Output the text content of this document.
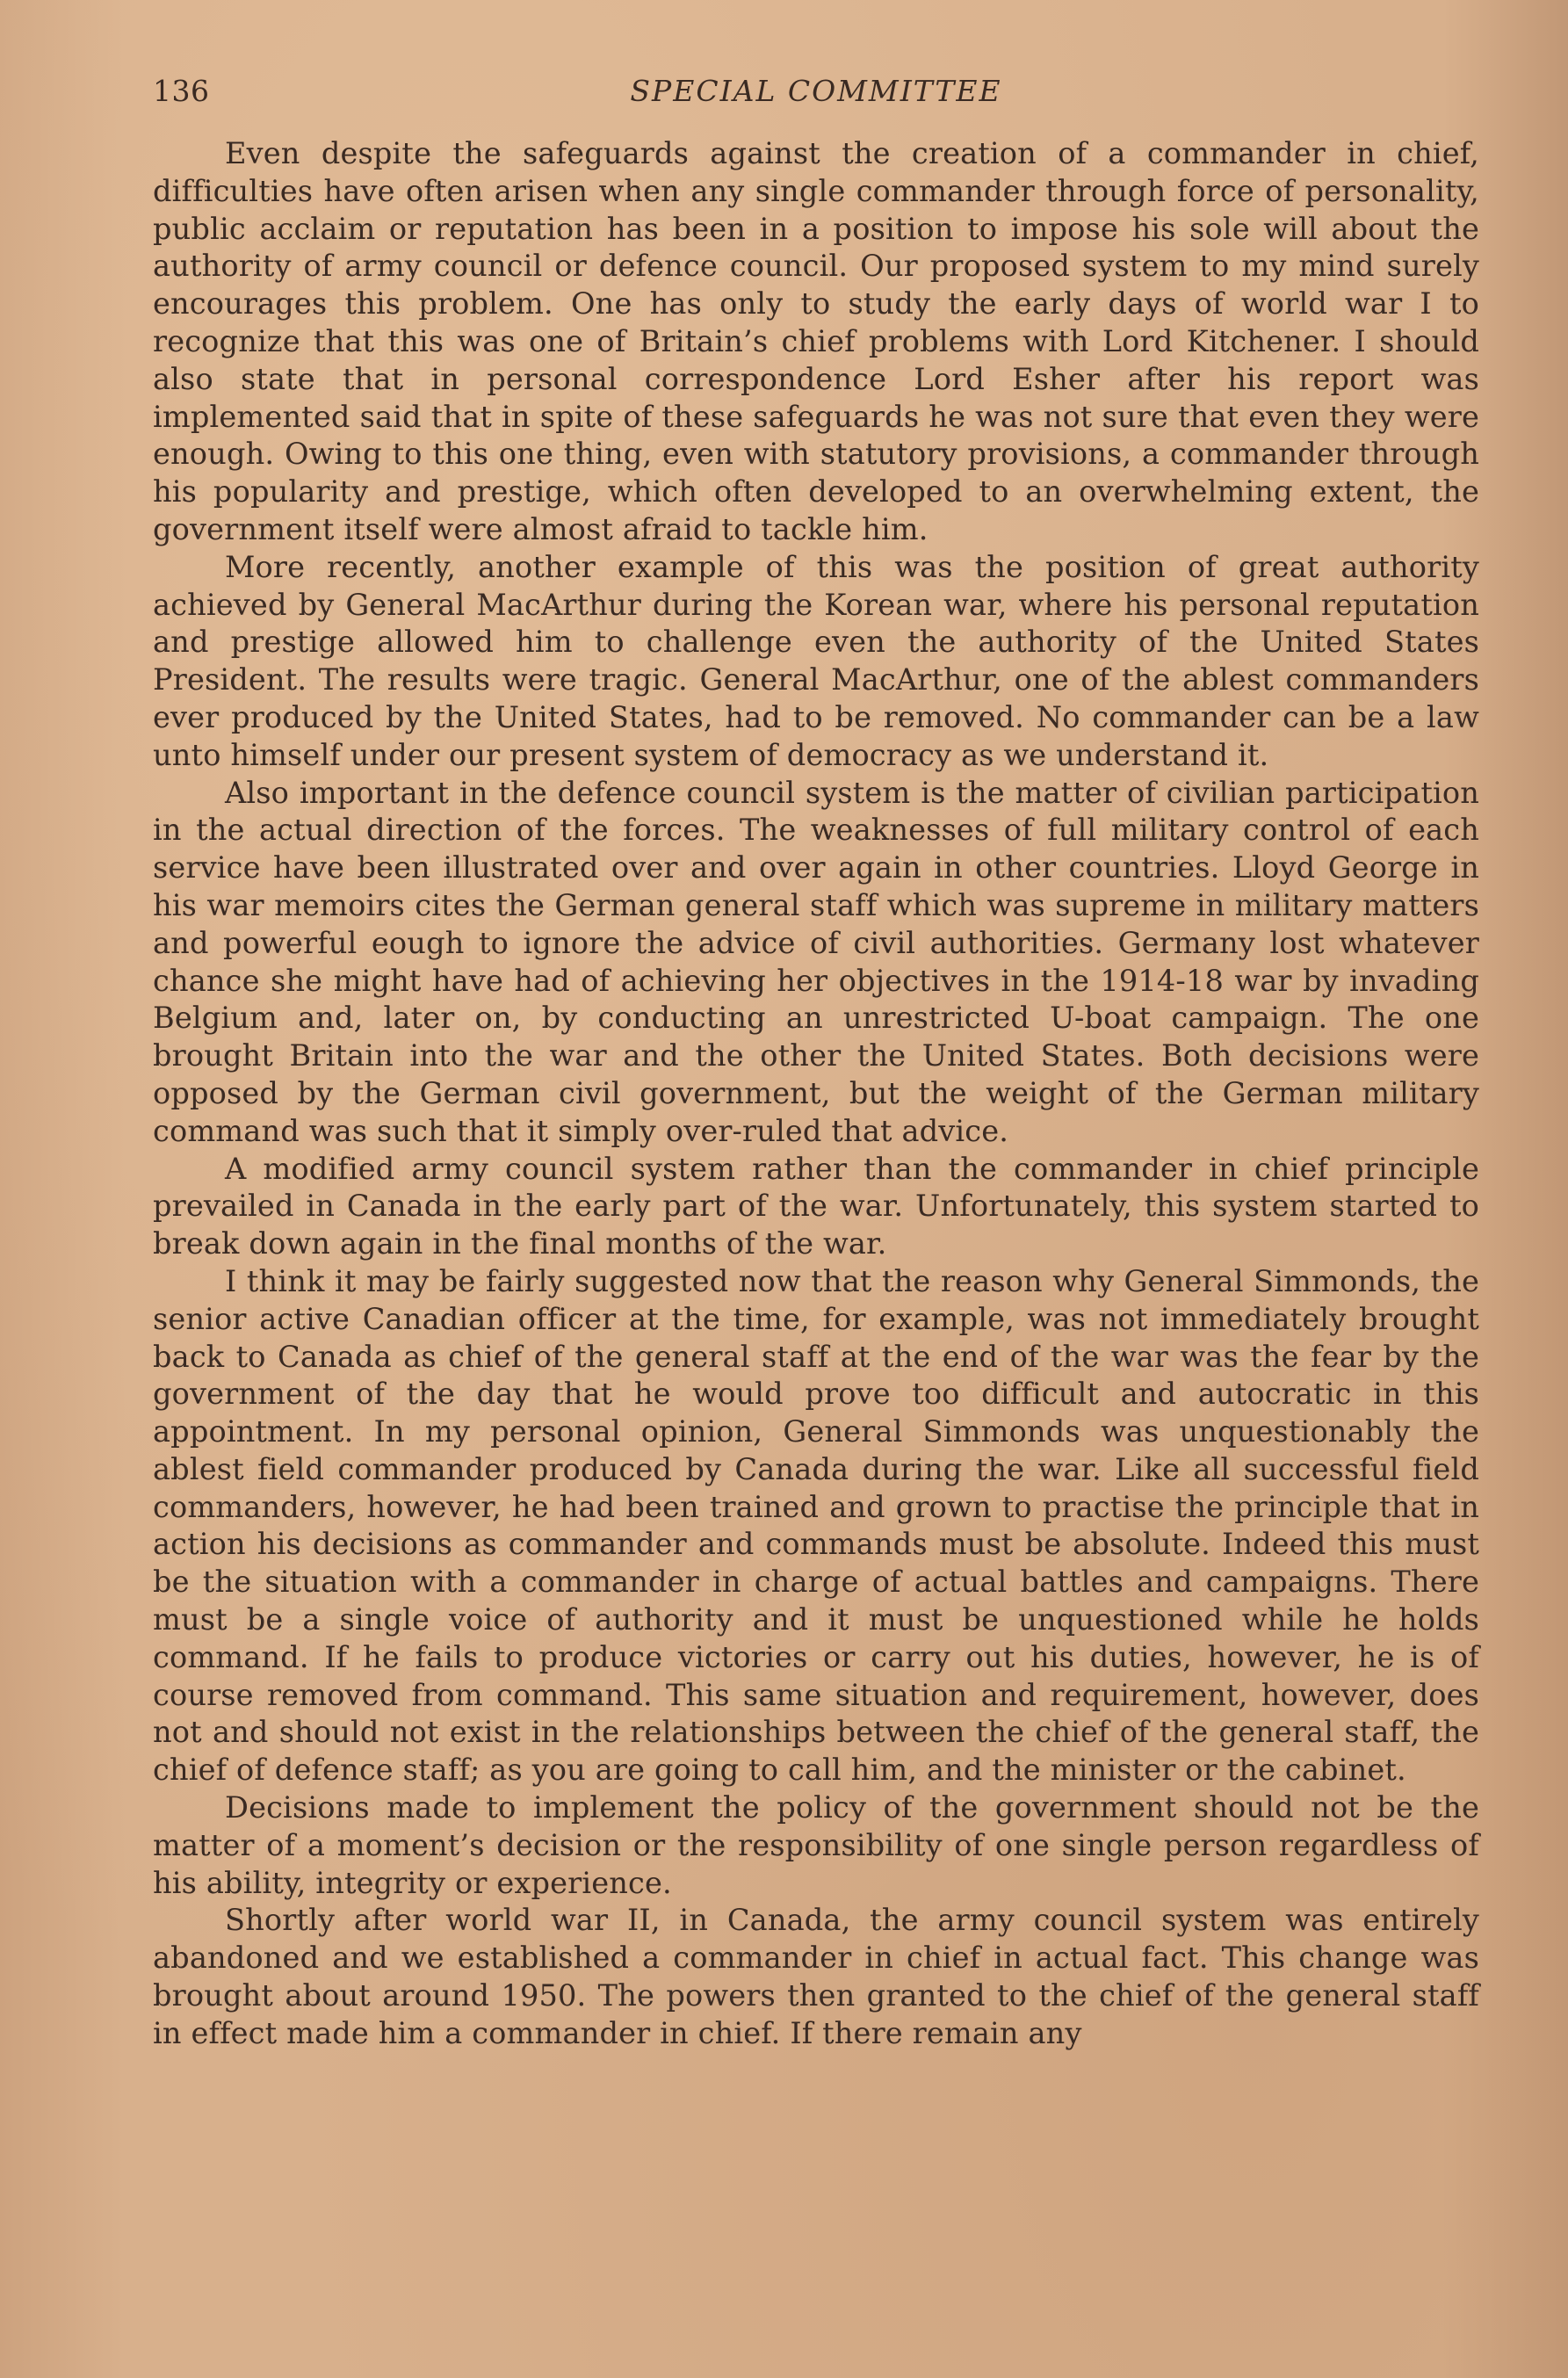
136	SPECIAL COMMITTEE

Even despite the safeguards against the creation of a commander in chief, difficulties have often arisen when any single commander through force of personality, public acclaim or reputation has been in a position to impose his sole will about the authority of army council or defence council. Our proposed system to my mind surely encourages this problem. One has only to study the early days of world war I to recognize that this was one of Britain’s chief problems with Lord Kitchener. I should also state that in personal correspondence Lord Esher after his report was implemented said that in spite of these safeguards he was not sure that even they were enough. Owing to this one thing, even with statutory provisions, a commander through his popularity and prestige, which often developed to an overwhelming extent, the government itself were almost afraid to tackle him.

More recently, another example of this was the position of great authority achieved by General MacArthur during the Korean war, where his personal reputation and prestige allowed him to challenge even the authority of the United States President. The results were tragic. General MacArthur, one of the ablest commanders ever produced by the United States, had to be removed. No commander can be a law unto himself under our present system of democracy as we understand it.

Also important in the defence council system is the matter of civilian participation in the actual direction of the forces. The weaknesses of full military control of each service have been illustrated over and over again in other countries. Lloyd George in his war memoirs cites the German general staff which was supreme in military matters and powerful eough to ignore the advice of civil authorities. Germany lost whatever chance she might have had of achieving her objectives in the 1914-18 war by invading Belgium and, later on, by conducting an unrestricted U-boat campaign. The one brought Britain into the war and the other the United States. Both decisions were opposed by the German civil government, but the weight of the German military command was such that it simply over-ruled that advice.

A modified army council system rather than the commander in chief principle prevailed in Canada in the early part of the war. Unfortunately, this system started to break down again in the final months of the war.

I think it may be fairly suggested now that the reason why General Simmonds, the senior active Canadian officer at the time, for example, was not immediately brought back to Canada as chief of the general staff at the end of the war was the fear by the government of the day that he would prove too difficult and autocratic in this appointment. In my personal opinion, General Simmonds was unquestionably the ablest field commander produced by Canada during the war. Like all successful field commanders, however, he had been trained and grown to practise the principle that in action his decisions as commander and commands must be absolute. Indeed this must be the situation with a commander in charge of actual battles and campaigns. There must be a single voice of authority and it must be unquestioned while he holds command. If he fails to produce victories or carry out his duties, however, he is of course removed from command. This same situation and requirement, however, does not and should not exist in the relationships between the chief of the general staff, the chief of defence staff; as you are going to call him, and the minister or the cabinet.

Decisions made to implement the policy of the government should not be the matter of a moment’s decision or the responsibility of one single person regardless of his ability, integrity or experience.

Shortly after world war II, in Canada, the army council system was entirely abandoned and we established a commander in chief in actual fact. This change was brought about around 1950. The powers then granted to the chief of the general staff in effect made him a commander in chief. If there remain any
